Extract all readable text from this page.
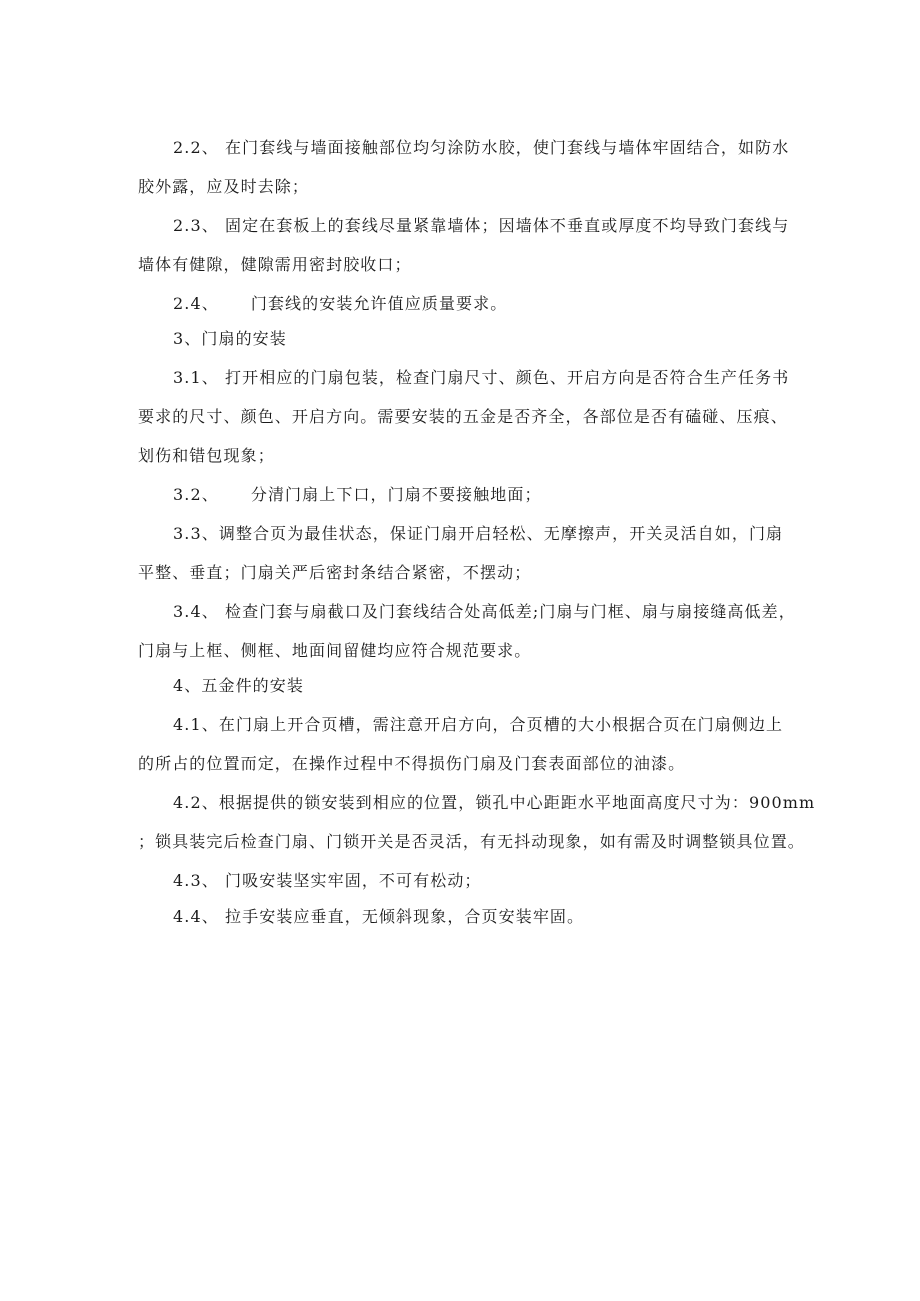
2.2、 在门套线与墙面接触部位均匀涂防水胶，使门套线与墙体牢固结合，如防水
胶外露，应及时去除；
2.3、 固定在套板上的套线尽量紧靠墙体；因墙体不垂直或厚度不均导致门套线与
墙体有健隙，健隙需用密封胶收口；
2.4、 门套线的安装允许值应质量要求。
3、门扇的安装
3.1、 打开相应的门扇包装，检查门扇尺寸、颜色、开启方向是否符合生产任务书
要求的尺寸、颜色、开启方向。需要安装的五金是否齐全，各部位是否有磕碰、压痕、
划伤和错包现象；
3.2、 分清门扇上下口，门扇不要接触地面；
3.3、调整合页为最佳状态，保证门扇开启轻松、无摩擦声，开关灵活自如，门扇
平整、垂直；门扇关严后密封条结合紧密，不摆动；
3.4、 检查门套与扇截口及门套线结合处高低差;门扇与门框、扇与扇接缝高低差，
门扇与上框、侧框、地面间留健均应符合规范要求。
4、五金件的安装
4.1、在门扇上开合页槽，需注意开启方向，合页槽的大小根据合页在门扇侧边上
的所占的位置而定，在操作过程中不得损伤门扇及门套表面部位的油漆。
4.2、根据提供的锁安装到相应的位置，锁孔中心距距水平地面高度尺寸为：900mm
；锁具装完后检查门扇、门锁开关是否灵活，有无抖动现象，如有需及时调整锁具位置。
4.3、 门吸安装坚实牢固，不可有松动；
4.4、 拉手安装应垂直，无倾斜现象，合页安装牢固。
